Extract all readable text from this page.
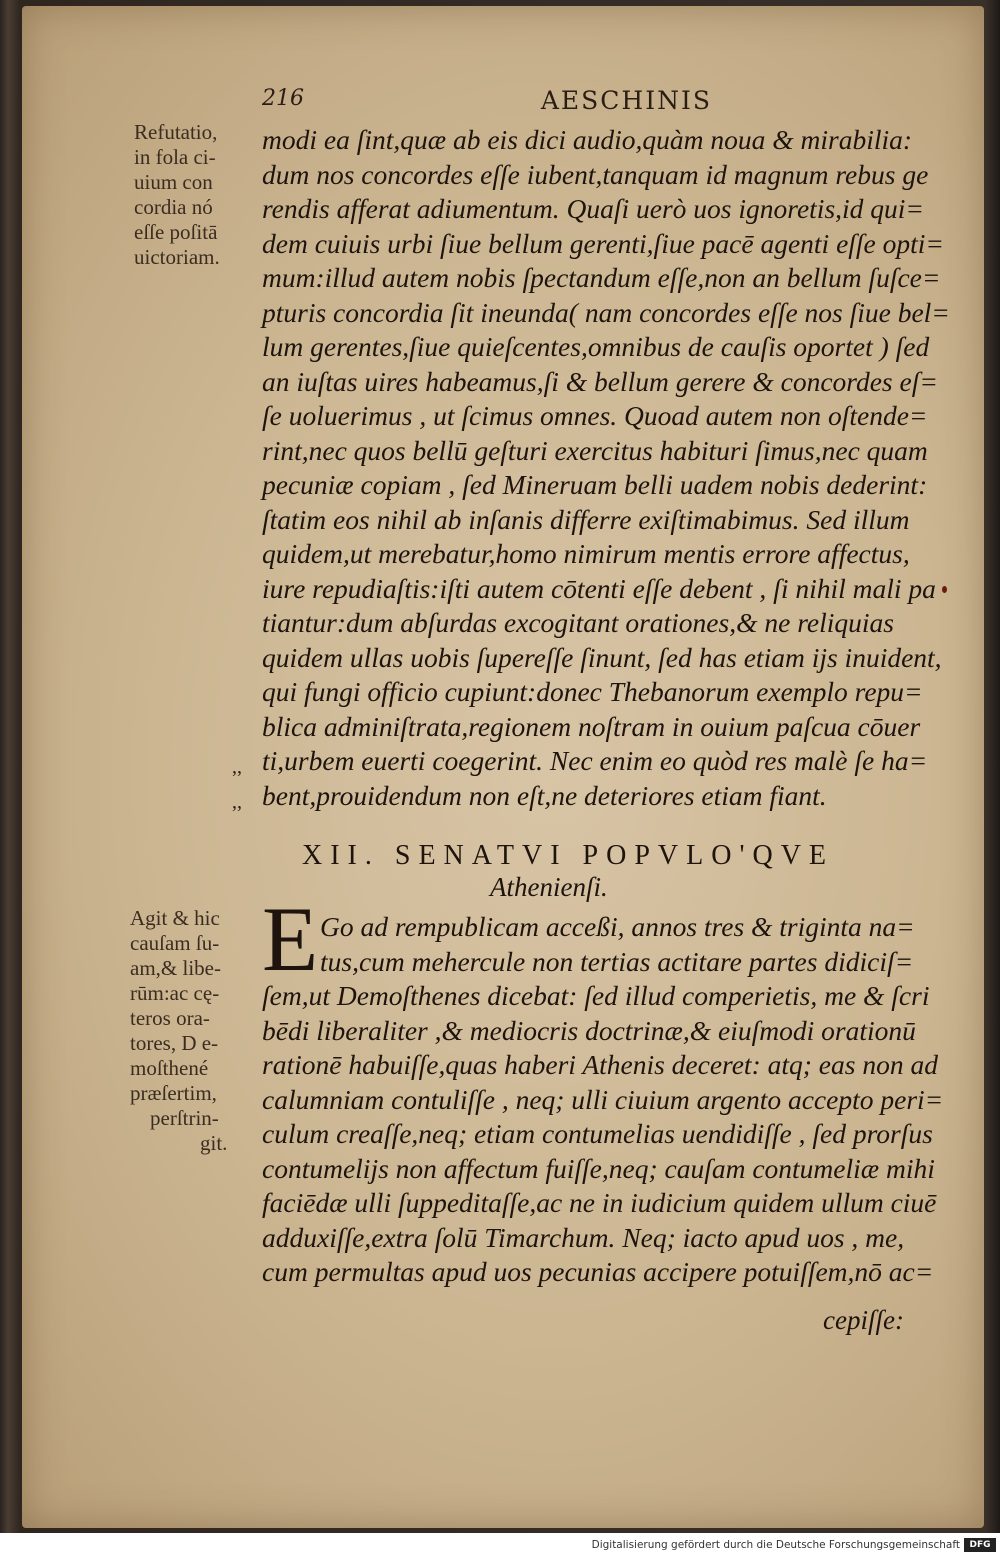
216	AESCHINIS
Refutatio,
in fola ci-
uium con
cordia nó
eſſe poſitā
uictoriam.
modi ea ſint,quæ ab eis dici audio,quàm noua & mirabilia:
dum nos concordes eſſe iubent,tanquam id magnum rebus ge
rendis afferat adiumentum. Quaſi uerò uos ignoretis,id qui=
dem cuiuis urbi ſiue bellum gerenti,ſiue pacē agenti eſſe opti=
mum:illud autem nobis ſpectandum eſſe,non an bellum ſuſce=
pturis concordia ſit ineunda( nam concordes eſſe nos ſiue bel=
lum gerentes,ſiue quieſcentes,omnibus de cauſis oportet ) ſed
an iuſtas uires habeamus,ſi & bellum gerere & concordes eſ=
ſe uoluerimus , ut ſcimus omnes. Quoad autem non oſtende=
rint,nec quos bellū geſturi exercitus habituri ſimus,nec quam
pecuniæ copiam , ſed Mineruam belli uadem nobis dederint:
ſtatim eos nihil ab inſanis differre exiſtimabimus. Sed illum
quidem,ut merebatur,homo nimirum mentis errore affectus,
iure repudiaſtis:iſti autem cōtenti eſſe debent , ſi nihil mali pa
tiantur:dum abſurdas excogitant orationes,& ne reliquias
quidem ullas uobis ſupereſſe ſinunt, ſed has etiam ijs inuident,
qui fungi officio cupiunt:donec Thebanorum exemplo repu=
blica adminiſtrata,regionem noſtram in ouium paſcua cōuer
ti,urbem euerti coegerint. Nec enim eo quòd res malè ſe ha=
bent,prouidendum non eſt,ne deteriores etiam fiant.
,,
,,
XII. SENATVI POPVLO'QVE
Athenienſi.
Agit & hic
cauſam ſu-
am,& libe-
rūm:ac cę-
teros ora-
tores, D e-
moſthené
præſertim,
perſtrin-
git.
E Go ad rempublicam acceßi, annos tres & triginta na=
tus,cum mehercule non tertias actitare partes didiciſ=
ſem,ut Demoſthenes dicebat: ſed illud comperietis, me & ſcri
bēdi liberaliter ,& mediocris doctrinæ,& eiuſmodi orationū
rationē habuiſſe,quas haberi Athenis deceret: atq; eas non ad
calumniam contuliſſe , neq; ulli ciuium argento accepto peri=
culum creaſſe,neq; etiam contumelias uendidiſſe , ſed prorſus
contumelijs non affectum fuiſſe,neq; cauſam contumeliæ mihi
faciēdæ ulli ſuppeditaſſe,ac ne in iudicium quidem ullum ciuē
adduxiſſe,extra ſolū Timarchum. Neq; iacto apud uos , me,
cum permultas apud uos pecunias accipere potuiſſem,nō ac=
cepiſſe:
Digitalisierung gefördert durch die Deutsche Forschungsgemeinschaft	DFG
